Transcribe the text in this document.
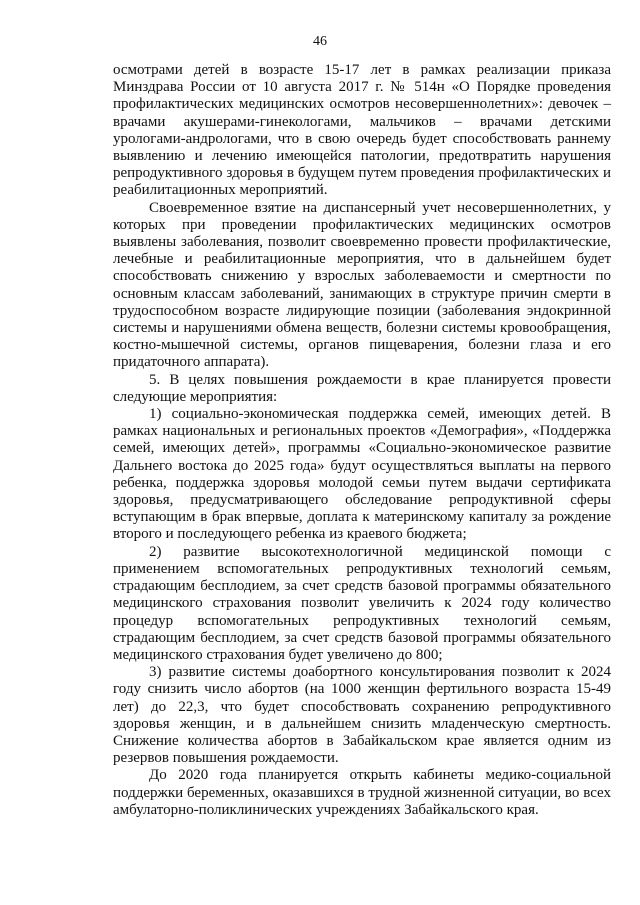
46

осмотрами детей в возрасте 15-17 лет в рамках реализации приказа Минздрава России от 10 августа 2017 г. № 514н «О Порядке проведения профилактических медицинских осмотров несовершеннолетних»: девочек – врачами акушерами-гинекологами, мальчиков – врачами детскими урологами-андрологами, что в свою очередь будет способствовать раннему выявлению и лечению имеющейся патологии, предотвратить нарушения репродуктивного здоровья в будущем путем проведения профилактических и реабилитационных мероприятий.

Своевременное взятие на диспансерный учет несовершеннолетних, у которых при проведении профилактических медицинских осмотров выявлены заболевания, позволит своевременно провести профилактические, лечебные и реабилитационные мероприятия, что в дальнейшем будет способствовать снижению у взрослых заболеваемости и смертности по основным классам заболеваний, занимающих в структуре причин смерти в трудоспособном возрасте лидирующие позиции (заболевания эндокринной системы и нарушениями обмена веществ, болезни системы кровообращения, костно-мышечной системы, органов пищеварения, болезни глаза и его придаточного аппарата).

5. В целях повышения рождаемости в крае планируется провести следующие мероприятия:

1) социально-экономическая поддержка семей, имеющих детей. В рамках национальных и региональных проектов «Демография», «Поддержка семей, имеющих детей», программы «Социально-экономическое развитие Дальнего востока до 2025 года» будут осуществляться выплаты на первого ребенка, поддержка здоровья молодой семьи путем выдачи сертификата здоровья, предусматривающего обследование репродуктивной сферы вступающим в брак впервые, доплата к материнскому капиталу за рождение второго и последующего ребенка из краевого бюджета;

2) развитие высокотехнологичной медицинской помощи с применением вспомогательных репродуктивных технологий семьям, страдающим бесплодием, за счет средств базовой программы обязательного медицинского страхования позволит увеличить к 2024 году количество процедур вспомогательных репродуктивных технологий семьям, страдающим бесплодием, за счет средств базовой программы обязательного медицинского страхования будет увеличено до 800;

3) развитие системы доабортного консультирования позволит к 2024 году снизить число абортов (на 1000 женщин фертильного возраста 15-49 лет) до 22,3, что будет способствовать сохранению репродуктивного здоровья женщин, и в дальнейшем снизить младенческую смертность. Снижение количества абортов в Забайкальском крае является одним из резервов повышения рождаемости.

До 2020 года планируется открыть кабинеты медико-социальной поддержки беременных, оказавшихся в трудной жизненной ситуации, во всех амбулаторно-поликлинических учреждениях Забайкальского края.
